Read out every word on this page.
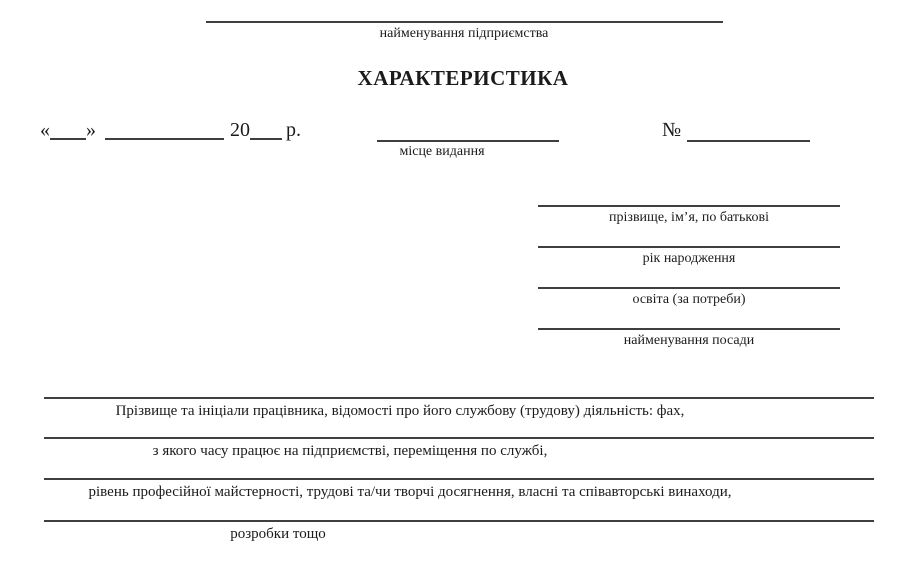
найменування підприємства
ХАРАКТЕРИСТИКА
« »	20 р.
місце видання
№
прізвище, ім’я, по батькові
рік народження
освіта (за потреби)
найменування посади
Прізвище та ініціали працівника, відомості про його службову (трудову) діяльність: фах,
з якого часу працює на підприємстві, переміщення по службі,
рівень професійної майстерності, трудові та/чи творчі досягнення, власні та співавторські винаходи,
розробки тощо
